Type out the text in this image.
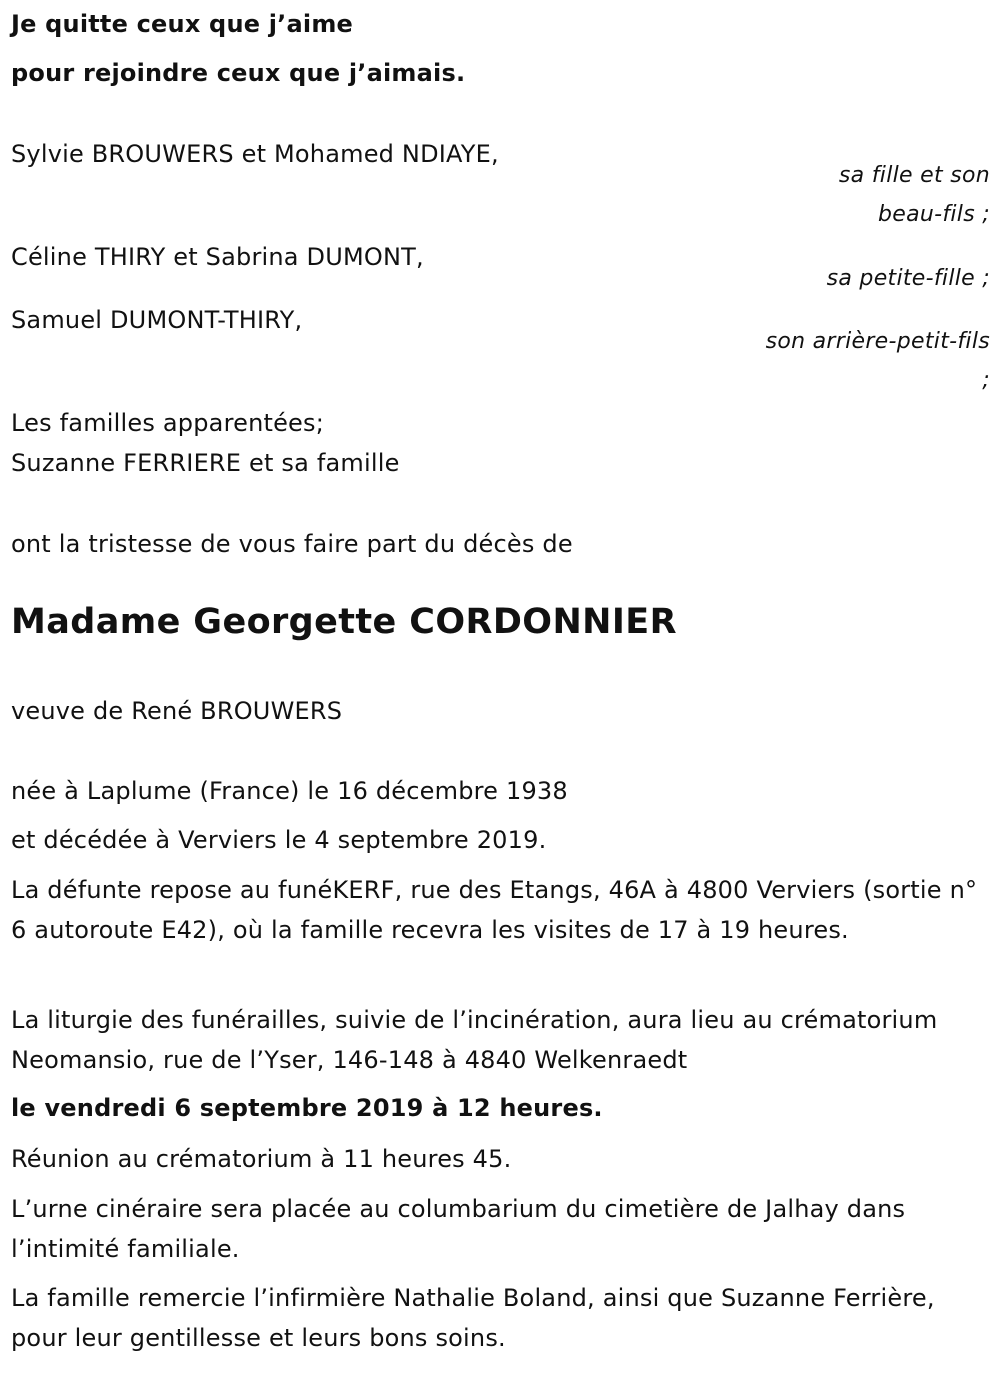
Je quitte ceux que j’aime
pour rejoindre ceux que j’aimais.
Sylvie BROUWERS et Mohamed NDIAYE,
sa fille et son
beau-fils ;
Céline THIRY et Sabrina DUMONT,
sa petite-fille ;
Samuel DUMONT-THIRY,
son arrière-petit-fils
;
Les familles apparentées;
Suzanne FERRIERE et sa famille
ont la tristesse de vous faire part du décès de
Madame Georgette CORDONNIER
veuve de René BROUWERS
née à Laplume (France) le 16 décembre 1938
et décédée à Verviers le 4 septembre 2019.
La défunte repose au funéKERF, rue des Etangs, 46A à 4800 Verviers (sortie n° 6 autoroute E42), où la famille recevra les visites de 17 à 19 heures.
La liturgie des funérailles, suivie de l’incinération, aura lieu au crématorium Neomansio, rue de l’Yser, 146-148 à 4840 Welkenraedt
le vendredi 6 septembre 2019 à 12 heures.
Réunion au crématorium à 11 heures 45.
L’urne cinéraire sera placée au columbarium du cimetière de Jalhay dans l’intimité familiale.
La famille remercie l’infirmière Nathalie Boland, ainsi que Suzanne Ferrière, pour leur gentillesse et leurs bons soins.
